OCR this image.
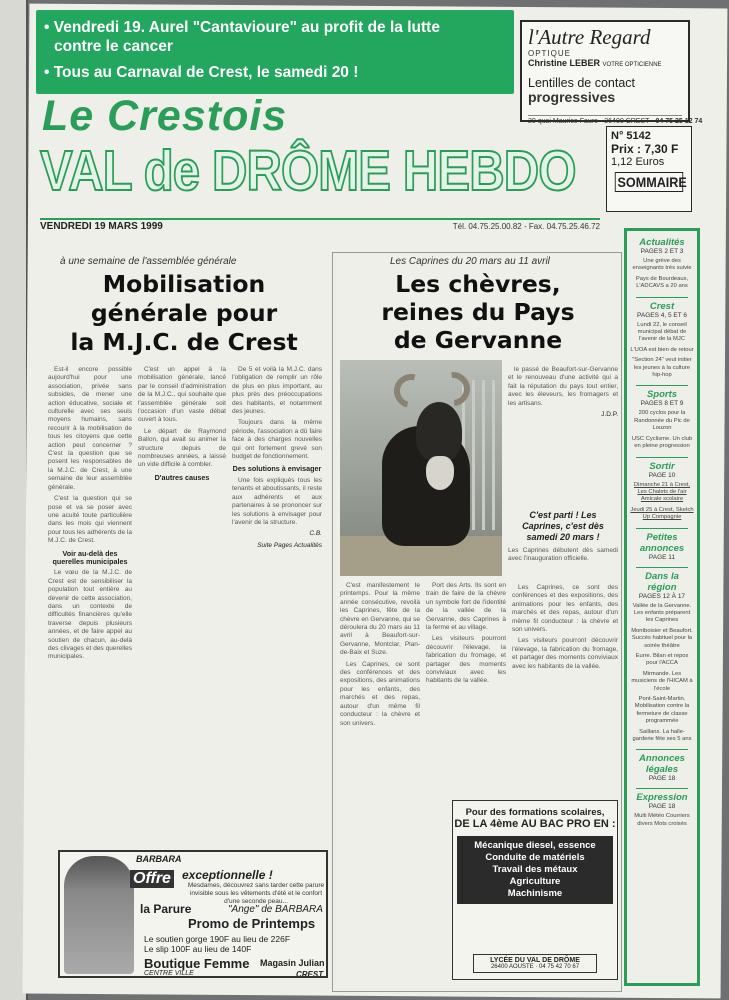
• Vendredi 19. Aurel "Cantavioure" au profit de la lutte
contre le cancer
• Tous au Carnaval de Crest, le samedi 20 !
l'Autre Regard
OPTIQUE
Christine LEBER VOTRE OPTICIENNE
Lentilles de contact
progressives
20 quai Maurice Faure · 26400 CREST · 04 75 25 12 74
Le Crestois
VAL de DRÔME HEBDO
N° 5142
Prix : 7,30 F
1,12 Euros
SOMMAIRE
VENDREDI 19 MARS 1999	Tél. 04.75.25.00.82 - Fax. 04.75.25.46.72
à une semaine de l'assemblée générale
Mobilisation
générale pour
la M.J.C. de Crest

Est-il encore possible aujourd'hui pour une association, privée sans subsides, de mener une action éducative, sociale et culturelle avec ses seuls moyens humains, sans recourir à la mobilisation de tous les citoyens que cette action peut concerner ? C'est la question que se posent les responsables de la M.J.C. de Crest, à une semaine de leur assemblée générale.

C'est la question qui se pose et va se poser avec une acuité toute particulière dans les mois qui viennent pour tous les adhérents de la M.J.C. de Crest.

Voir au-delà des querelles municipales

Le vœu de la M.J.C. de Crest est de sensibiliser la population tout entière au devenir de cette association, dans un contexte de difficultés financières qu'elle traverse depuis plusieurs années, et de faire appel au soutien de chacun, au-delà des clivages et des querelles municipales.

C'est un appel à la mobilisation générale, lancé par le conseil d'administration de la M.J.C., qui souhaite que l'assemblée générale soit l'occasion d'un vaste débat ouvert à tous.

Le départ de Raymond Ballon, qui avait su animer la structure depuis de nombreuses années, a laissé un vide difficile à combler.

D'autres causes

De 5 et voilà la M.J.C. dans l'obligation de remplir un rôle de plus en plus important, au plus près des préoccupations des habitants, et notamment des jeunes.

Toujours dans la même période, l'association a dû faire face à des charges nouvelles qui ont fortement grevé son budget de fonctionnement.

Des solutions à envisager

Une fois expliqués tous les tenants et aboutissants, il reste aux adhérents et aux partenaires à se prononcer sur les solutions à envisager pour l'avenir de la structure.

C.B.

Suite Pages Actualités

Les Caprines du 20 mars au 11 avril
Les chèvres,
reines du Pays
de Gervanne

le passé de Beaufort-sur-Gervanne et le renouveau d'une activité qui a fait la réputation du pays tout entier, avec les éleveurs, les fromagers et les artisans.

J.D.P.

C'est parti ! Les Caprines, c'est dès samedi 20 mars !
Les Caprines débutent dès samedi avec l'inauguration officielle.

C'est manifestement le printemps. Pour la même année consécutive, revoilà les Caprines, fête de la chèvre en Gervanne, qui se déroulera du 20 mars au 11 avril à Beaufort-sur-Gervanne, Montclar, Plan-de-Baix et Suze.

Les Caprines, ce sont des conférences et des expositions, des animations pour les enfants, des marchés et des repas, autour d'un même fil conducteur : la chèvre et son univers.

Port des Arts. Ils sont en train de faire de la chèvre un symbole fort de l'identité de la vallée de la Gervanne, des Caprines à la ferme et au village.

Les visiteurs pourront découvrir l'élevage, la fabrication du fromage, et partager des moments conviviaux avec les habitants de la vallée.

Les Caprines, ce sont des conférences et des expositions, des animations pour les enfants, des marchés et des repas, autour d'un même fil conducteur : la chèvre et son univers.

Les visiteurs pourront découvrir l'élevage, la fabrication du fromage, et partager des moments conviviaux avec les habitants de la vallée.

BARBARA
Offre exceptionnelle !
Mesdames, découvrez sans tarder cette parure invisible sous les vêtements d'été et le confort d'une seconde peau...
la Parure	"Ange" de BARBARA
Promo de Printemps
Le soutien gorge 190F au lieu de 226F
Le slip 100F au lieu de 140F
Boutique Femme Magasin Julian
CENTRE VILLE	CREST
Pour des formations scolaires,
DE LA 4ème AU BAC PRO EN :
Mécanique diesel, essence
Conduite de matériels
Travail des métaux
Agriculture
Machinisme
LYCÉE DU VAL DE DRÔME
26400 AOUSTE · 04 75 42 70 67
Actualités
PAGES 2 ET 3
Une grève des enseignants très suivie
Pays de Bourdeaux, L'ADCAVS a 20 ans
Crest
PAGES 4, 5 ET 6
Lundi 22, le conseil municipal débat de l'avenir de la MJC
L'UOA est bien de retour
"Section 24" veut initier les jeunes à la culture hip-hop
Sports
PAGES 8 ET 9
200 cyclos pour la Randonnée du Pic de Louzon
USC Cyclisme. Un club en pleine progression
Sortir
PAGE 10
Dimanche 21 à Crest, Les Chalets de l'air Amicale scolaire
Jeudi 25 à Crest, Sketch Up Compagnie
Petites annonces
PAGE 11
Dans la région
PAGES 12 À 17
Vallée de la Gervanne. Les enfants préparent les Caprines
Montboisier et Beaufort. Succès habituel pour la soirée théâtre
Eurre. Bilan et repos pour l'ACCA
Mirmande. Les musiciens de l'HICAM à l'école
Pont-Saint-Martin. Mobilisation contre la fermeture de classe programmée
Saillans. La halle-garderie fête ses 5 ans
Annonces légales
PAGE 18
Expression
PAGE 18
Multi Météo Courriers divers Mots croisés
